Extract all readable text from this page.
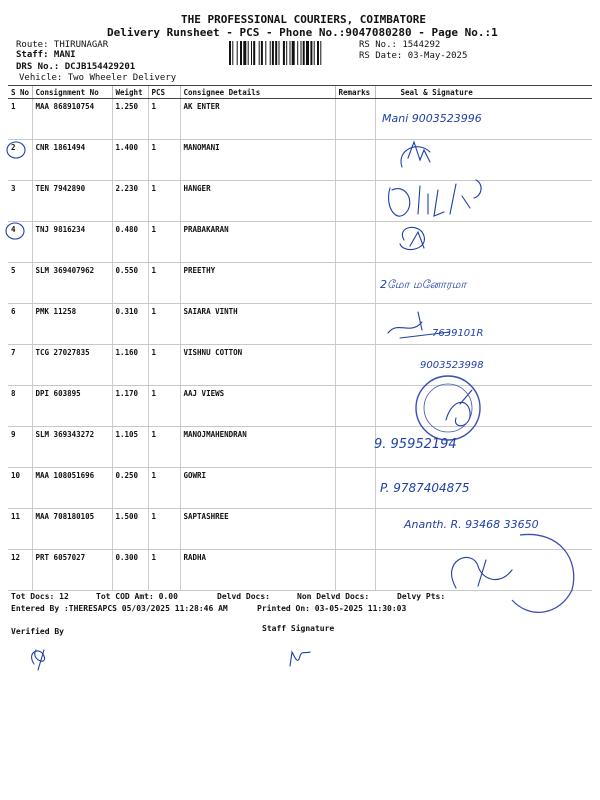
THE PROFESSIONAL COURIERS, COIMBATORE
Delivery Runsheet - PCS - Phone No.:9047080280 - Page No.:1
Route: THIRUNAGAR
Staff: MANI
DRS No.: DCJB154429201
Vehicle: Two Wheeler Delivery
RS No.: 1544292
RS Date: 03-May-2025
S No	Consignment No	Weight	PCS	Consignee Details	Remarks	Seal & Signature
1	MAA 868910754	1.250	1	AK ENTER		
2	CNR 1861494	1.400	1	MANOMANI		
3	TEN 7942890	2.230	1	HANGER		
4	TNJ 9816234	0.480	1	PRABAKARAN		
5	SLM 369407962	0.550	1	PREETHY		
6	PMK 11258	0.310	1	SAIARA VINTH		
7	TCG 27027835	1.160	1	VISHNU COTTON		
8	DPI 603895	1.170	1	AAJ VIEWS		
9	SLM 369343272	1.105	1	MANOJMAHENDRAN		
10	MAA 108051696	0.250	1	GOWRI		
11	MAA 708180105	1.500	1	SAPTASHREE		
12	PRT 6057027	0.300	1	RADHA		
Mani 9003523996
2மோ மனோரமா
7639101R
9003523998
9. 95952194
P. 9787404875
Ananth. R. 93468 33650
Tot Docs: 12	Tot COD Amt: 0.00	Delvd Docs:	Non Delvd Docs:	Delvy Pts:
Entered By :THERESAPCS 05/03/2025 11:28:46 AM	Printed On: 03-05-2025 11:30:03
Verified By	Staff Signature
